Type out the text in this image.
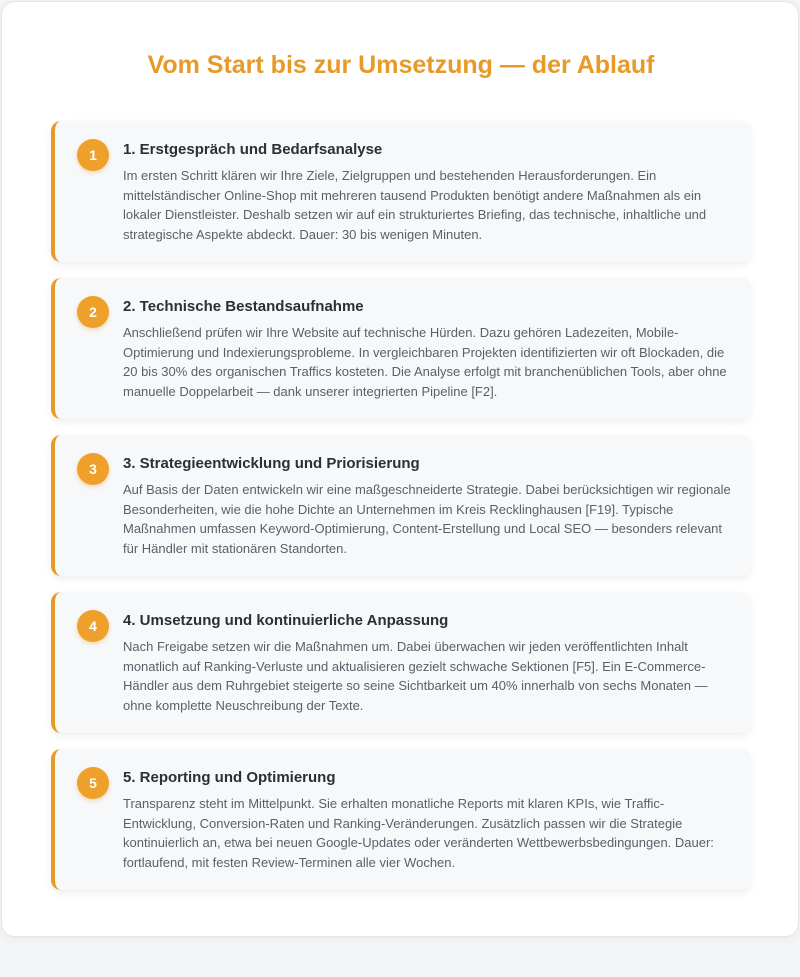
Vom Start bis zur Umsetzung — der Ablauf
1	1. Erstgespräch und Bedarfsanalyse

Im ersten Schritt klären wir Ihre Ziele, Zielgruppen und bestehenden Herausforderungen. Ein mittelständischer Online-Shop mit mehreren tausend Produkten benötigt andere Maßnahmen als ein lokaler Dienstleister. Deshalb setzen wir auf ein strukturiertes Briefing, das technische, inhaltliche und strategische Aspekte abdeckt. Dauer: 30 bis wenigen Minuten.

2	2. Technische Bestandsaufnahme

Anschließend prüfen wir Ihre Website auf technische Hürden. Dazu gehören Ladezeiten, Mobile-Optimierung und Indexierungsprobleme. In vergleichbaren Projekten identifizierten wir oft Blockaden, die 20 bis 30% des organischen Traffics kosteten. Die Analyse erfolgt mit branchenüblichen Tools, aber ohne manuelle Doppelarbeit — dank unserer integrierten Pipeline [F2].

3	3. Strategieentwicklung und Priorisierung

Auf Basis der Daten entwickeln wir eine maßgeschneiderte Strategie. Dabei berücksichtigen wir regionale Besonderheiten, wie die hohe Dichte an Unternehmen im Kreis Recklinghausen [F19]. Typische Maßnahmen umfassen Keyword-Optimierung, Content-Erstellung und Local SEO — besonders relevant für Händler mit stationären Standorten.

4	4. Umsetzung und kontinuierliche Anpassung

Nach Freigabe setzen wir die Maßnahmen um. Dabei überwachen wir jeden veröffentlichten Inhalt monatlich auf Ranking-Verluste und aktualisieren gezielt schwache Sektionen [F5]. Ein E-Commerce-Händler aus dem Ruhrgebiet steigerte so seine Sichtbarkeit um 40% innerhalb von sechs Monaten — ohne komplette Neuschreibung der Texte.

5	5. Reporting und Optimierung

Transparenz steht im Mittelpunkt. Sie erhalten monatliche Reports mit klaren KPIs, wie Traffic-Entwicklung, Conversion-Raten und Ranking-Veränderungen. Zusätzlich passen wir die Strategie kontinuierlich an, etwa bei neuen Google-Updates oder veränderten Wettbewerbsbedingungen. Dauer: fortlaufend, mit festen Review-Terminen alle vier Wochen.
